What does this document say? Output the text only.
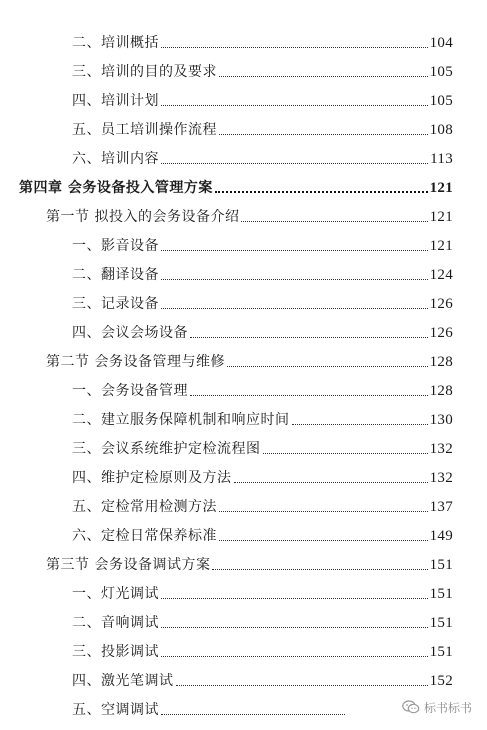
二、培训概括	104
三、培训的目的及要求	105
四、培训计划	105
五、员工培训操作流程	108
六、培训内容	113
第四章 会务设备投入管理方案	121
第一节 拟投入的会务设备介绍	121
一、影音设备	121
二、翻译设备	124
三、记录设备	126
四、会议会场设备	126
第二节 会务设备管理与维修	128
一、会务设备管理	128
二、建立服务保障机制和响应时间	130
三、会议系统维护定检流程图	132
四、维护定检原则及方法	132
五、定检常用检测方法	137
六、定检日常保养标准	149
第三节 会务设备调试方案	151
一、灯光调试	151
二、音响调试	151
三、投影调试	151
四、激光笔调试	152
五、空调调试	标书标书
